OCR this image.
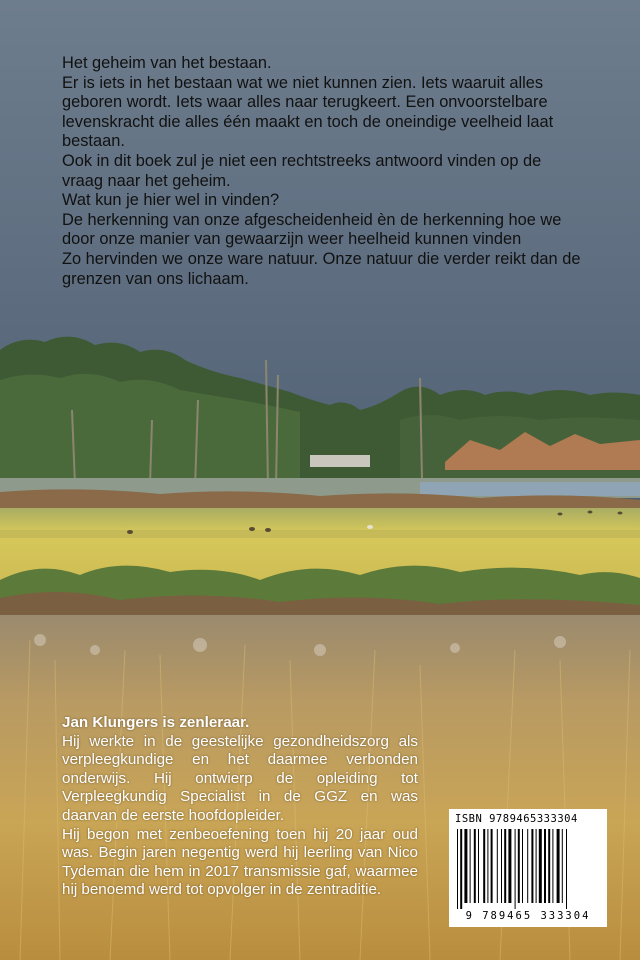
Het geheim van het bestaan.

Er is iets in het bestaan wat we niet kunnen zien. Iets waaruit alles geboren wordt. Iets waar alles naar terugkeert. Een onvoorstelbare levenskracht die alles één maakt en toch de oneindige veelheid laat bestaan.

Ook in dit boek zul je niet een rechtstreeks antwoord vinden op de vraag naar het geheim.

Wat kun je hier wel in vinden?

De herkenning van onze afgescheidenheid èn de herkenning hoe we door onze manier van gewaarzijn weer heelheid kunnen vinden

Zo hervinden we onze ware natuur. Onze natuur die verder reikt dan de grenzen van ons lichaam.

Jan Klungers is zenleraar.

Hij werkte in de geestelijke gezondheidszorg als verpleegkundige en het daarmee verbonden onderwijs. Hij ontwierp de opleiding tot Verpleegkundig Specialist in de GGZ en was daarvan de eerste hoofdopleider.

Hij begon met zenbeoefening toen hij 20 jaar oud was. Begin jaren negentig werd hij leerling van Nico Tydeman die hem in 2017 transmissie gaf, waarmee hij benoemd werd tot opvolger in de zentraditie.

ISBN 9789465333304
9 789465 333304
